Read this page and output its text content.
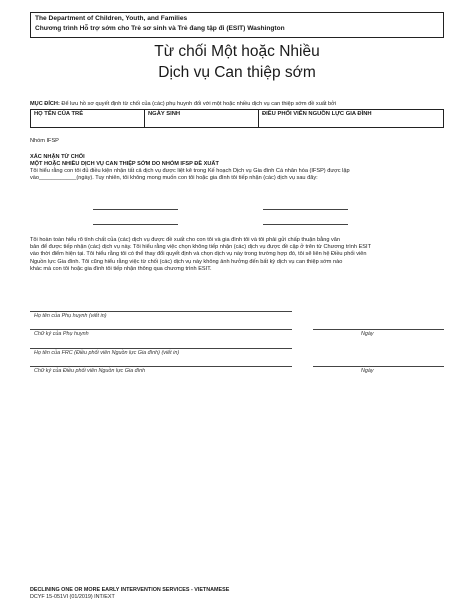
The Department of Children, Youth, and Families
Chương trình Hỗ trợ sớm cho Trẻ sơ sinh và Trẻ đang tập đi (ESIT) Washington
Từ chối Một hoặc Nhiều
Dịch vụ Can thiệp sớm
MỤC ĐÍCH: Để lưu hồ sơ quyết định từ chối của (các) phụ huynh đối với một hoặc nhiều dịch vụ can thiệp sớm đề xuất bởi
HỌ TÊN CỦA TRẺ	NGÀY SINH	ĐIỀU PHỐI VIÊN NGUỒN LỰC GIA ĐÌNH
Nhóm IFSP
XÁC NHẬN TỪ CHỐI
MỘT HOẶC NHIỀU DỊCH VỤ CAN THIỆP SỚM DO NHÓM IFSP ĐỀ XUẤT
Tôi hiểu rằng con tôi đủ điều kiện nhận tất cả dịch vụ được liệt kê trong Kế hoạch Dịch vụ Gia đình Cá nhân hóa (IFSP) được lập
vào____________(ngày). Tuy nhiên, tôi không mong muốn con tôi hoặc gia đình tôi tiếp nhận (các) dịch vụ sau đây:
Tôi hoàn toàn hiểu rõ tính chất của (các) dịch vụ được đề xuất cho con tôi và gia đình tôi và tôi phải gửi chấp thuận bằng văn
bản để được tiếp nhận (các) dịch vụ này. Tôi hiểu rằng việc chọn không tiếp nhận (các) dịch vụ được đề cập ở trên từ Chương trình ESIT
vào thời điểm hiện tại. Tôi hiểu rằng tôi có thể thay đổi quyết định và chọn dịch vụ này trong trường hợp đó, tôi sẽ liên hệ Điều phối viên
Nguồn lực Gia đình. Tôi cũng hiểu rằng việc từ chối (các) dịch vụ này không ảnh hưởng đến bất kỳ dịch vụ can thiệp sớm nào
khác mà con tôi hoặc gia đình tôi tiếp nhận thông qua chương trình ESIT.
Họ tên của Phụ huynh (viết in)
Chữ ký của Phụ huynh	Ngày
Họ tên của FRC (Điều phối viên Nguồn lực Gia đình) (viết in)
Chữ ký của Điều phối viên Nguồn lực Gia đình	Ngày
DECLINING ONE OR MORE EARLY INTERVENTION SERVICES - VIETNAMESE
DCYF 15-051VI (01/2019) INT/EXT
